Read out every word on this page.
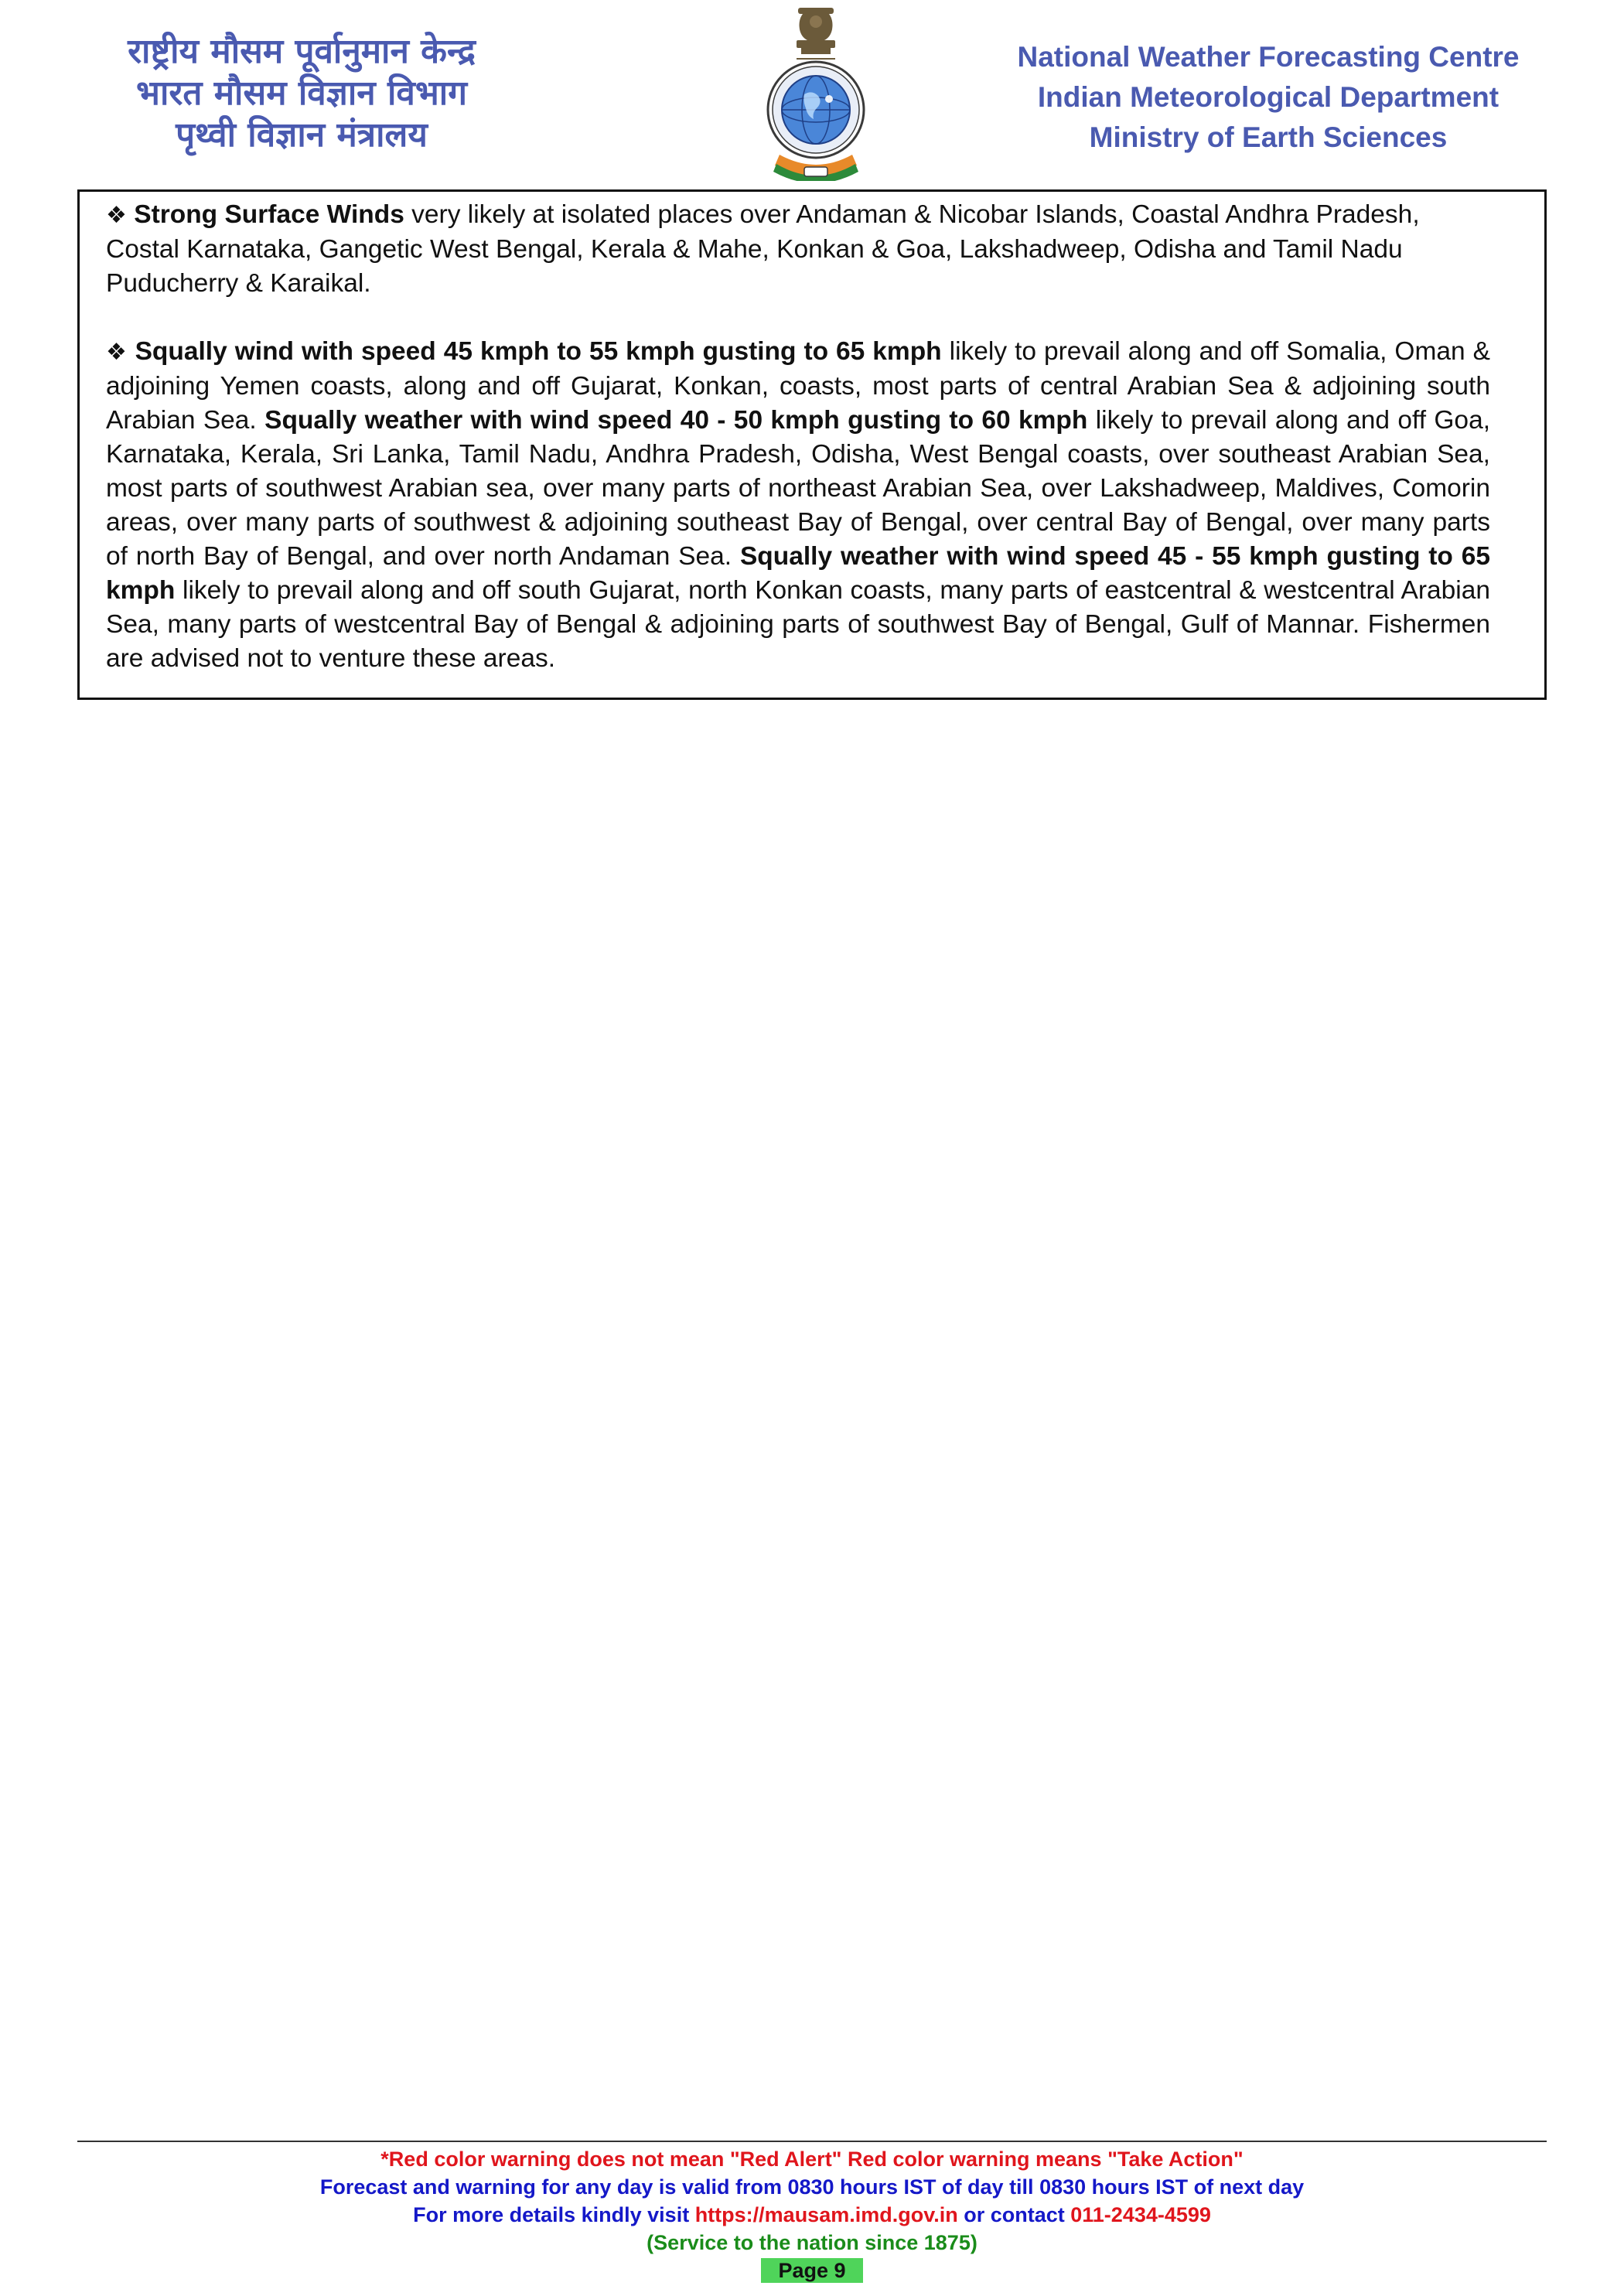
राष्ट्रीय मौसम पूर्वानुमान केन्द्र
भारत मौसम विज्ञान विभाग
पृथ्वी विज्ञान मंत्रालय
National Weather Forecasting Centre
Indian Meteorological Department
Ministry of Earth Sciences

❖ Strong Surface Winds very likely at isolated places over Andaman & Nicobar Islands, Coastal Andhra Pradesh, Costal Karnataka, Gangetic West Bengal, Kerala & Mahe, Konkan & Goa, Lakshadweep, Odisha and Tamil Nadu Puducherry & Karaikal.

❖ Squally wind with speed 45 kmph to 55 kmph gusting to 65 kmph likely to prevail along and off Somalia, Oman & adjoining Yemen coasts, along and off Gujarat, Konkan, coasts, most parts of central Arabian Sea & adjoining south Arabian Sea. Squally weather with wind speed 40 - 50 kmph gusting to 60 kmph likely to prevail along and off Goa, Karnataka, Kerala, Sri Lanka, Tamil Nadu, Andhra Pradesh, Odisha, West Bengal coasts, over southeast Arabian Sea, most parts of southwest Arabian sea, over many parts of northeast Arabian Sea, over Lakshadweep, Maldives, Comorin areas, over many parts of southwest & adjoining southeast Bay of Bengal, over central Bay of Bengal, over many parts of north Bay of Bengal, and over north Andaman Sea. Squally weather with wind speed 45 - 55 kmph gusting to 65 kmph likely to prevail along and off south Gujarat, north Konkan coasts, many parts of eastcentral & westcentral Arabian Sea, many parts of westcentral Bay of Bengal & adjoining parts of southwest Bay of Bengal, Gulf of Mannar. Fishermen are advised not to venture these areas.

*Red color warning does not mean "Red Alert" Red color warning means "Take Action"
Forecast and warning for any day is valid from 0830 hours IST of day till 0830 hours IST of next day
For more details kindly visit https://mausam.imd.gov.in or contact 011-2434-4599
(Service to the nation since 1875)
Page 9
